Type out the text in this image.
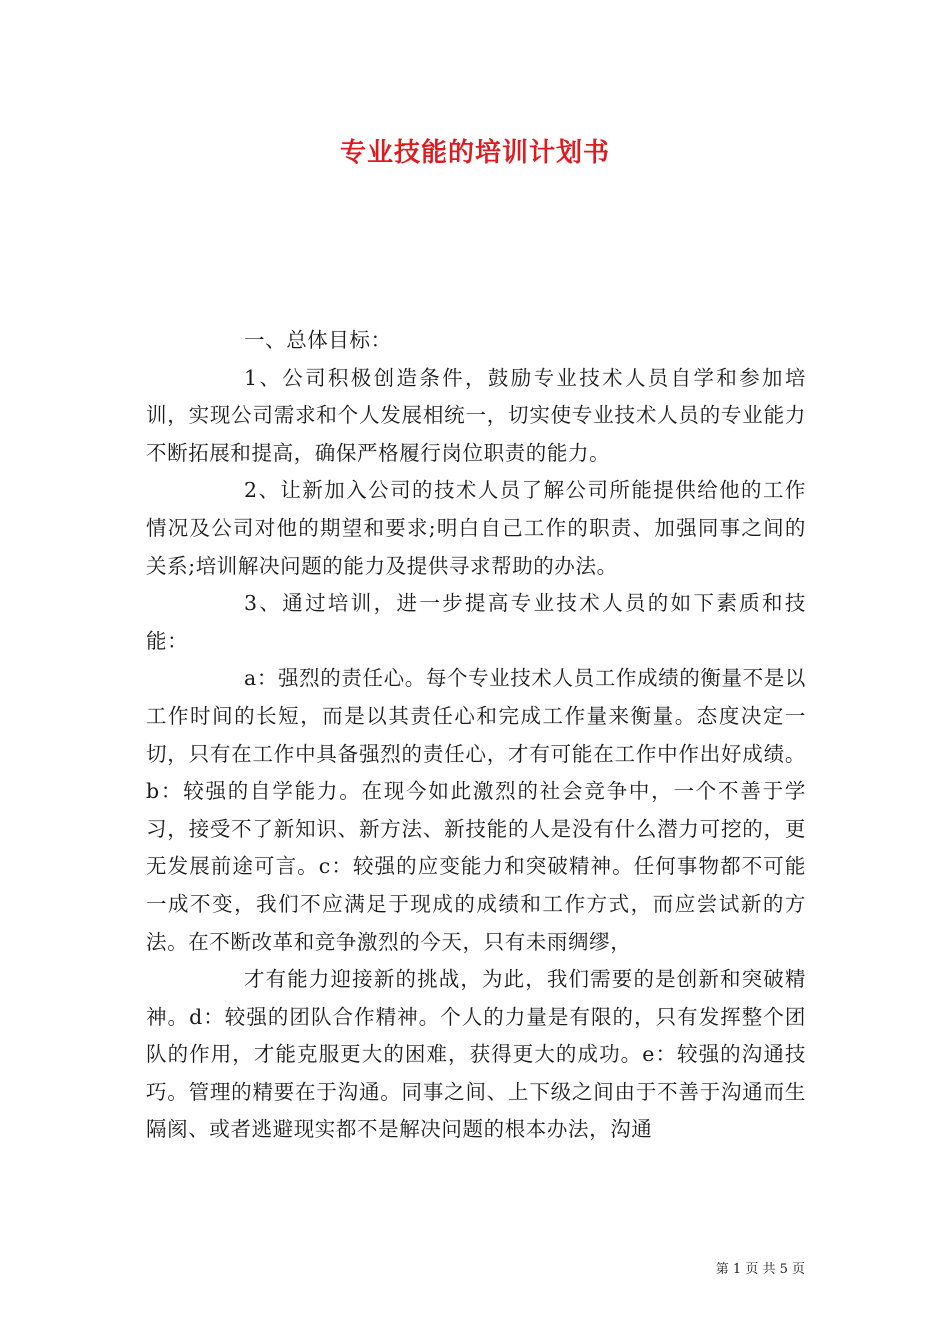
专业技能的培训计划书

一、总体目标：

1、公司积极创造条件，鼓励专业技术人员自学和参加培训，实现公司需求和个人发展相统一，切实使专业技术人员的专业能力不断拓展和提高，确保严格履行岗位职责的能力。

2、让新加入公司的技术人员了解公司所能提供给他的工作情况及公司对他的期望和要求;明白自己工作的职责、加强同事之间的关系;培训解决问题的能力及提供寻求帮助的办法。

3、通过培训，进一步提高专业技术人员的如下素质和技能：

a：强烈的责任心。每个专业技术人员工作成绩的衡量不是以工作时间的长短，而是以其责任心和完成工作量来衡量。态度决定一切，只有在工作中具备强烈的责任心，才有可能在工作中作出好成绩。b：较强的自学能力。在现今如此激烈的社会竞争中，一个不善于学习，接受不了新知识、新方法、新技能的人是没有什么潜力可挖的，更无发展前途可言。c：较强的应变能力和突破精神。任何事物都不可能一成不变，我们不应满足于现成的成绩和工作方式，而应尝试新的方法。在不断改革和竞争激烈的今天，只有未雨绸缪，

才有能力迎接新的挑战，为此，我们需要的是创新和突破精神。d：较强的团队合作精神。个人的力量是有限的，只有发挥整个团队的作用，才能克服更大的困难，获得更大的成功。e：较强的沟通技巧。管理的精要在于沟通。同事之间、上下级之间由于不善于沟通而生隔阂、或者逃避现实都不是解决问题的根本办法，沟通

第 1 页 共 5 页
